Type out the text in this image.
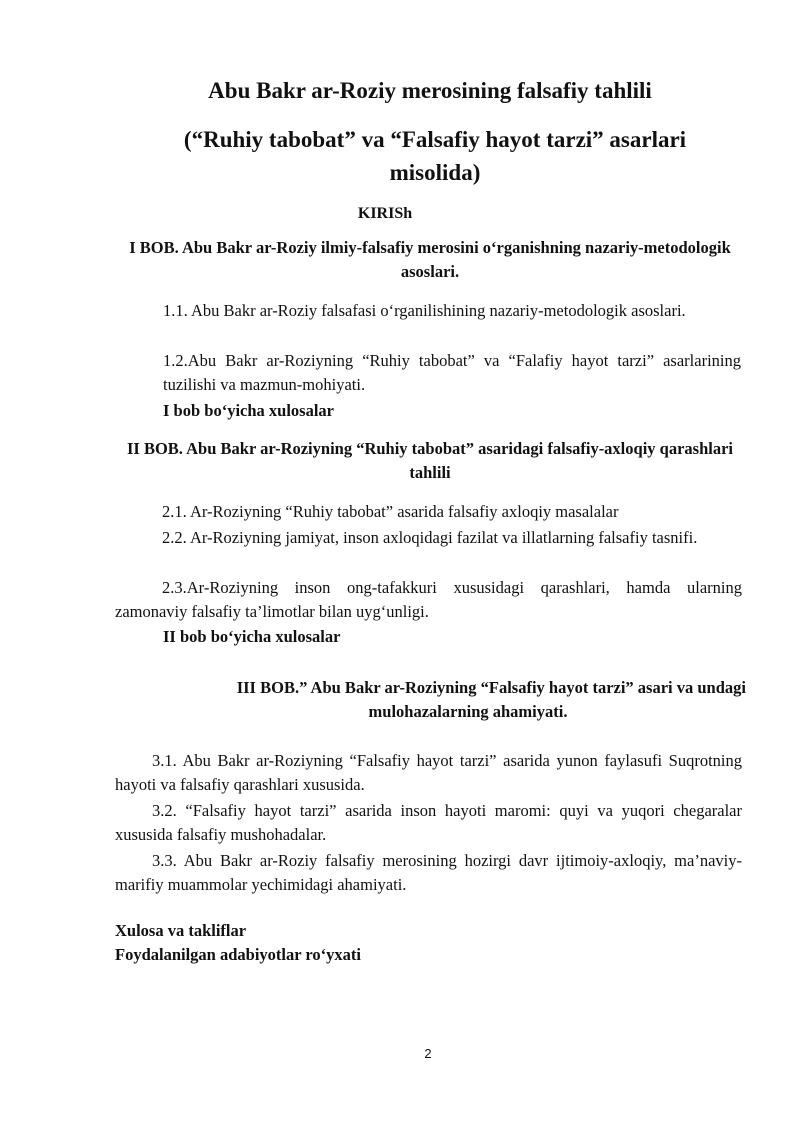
Abu Bakr ar-Roziy merosining falsafiy tahlili
(“Ruhiy tabobat” va “Falsafiy hayot tarzi” asarlari misolida)
KIRISh
I BOB. Abu Bakr ar-Roziy ilmiy-falsafiy merosini o‘rganishning nazariy-metodologik asoslari.
1.1. Abu Bakr ar-Roziy falsafasi o‘rganilishining nazariy-metodologik asoslari.
1.2.Abu Bakr ar-Roziyning “Ruhiy tabobat” va “Falafiy hayot tarzi” asarlarining tuzilishi va mazmun-mohiyati.
I bob bo‘yicha xulosalar
II BOB. Abu Bakr ar-Roziyning “Ruhiy tabobat” asaridagi falsafiy-axloqiy qarashlari tahlili
2.1. Ar-Roziyning “Ruhiy tabobat” asarida falsafiy axloqiy masalalar
2.2. Ar-Roziyning jamiyat, inson axloqidagi fazilat va illatlarning falsafiy tasnifi.
2.3.Ar-Roziyning inson ong-tafakkuri xususidagi qarashlari, hamda ularning zamonaviy falsafiy ta’limotlar bilan uyg‘unligi.
II bob bo‘yicha xulosalar
III BOB.” Abu Bakr ar-Roziyning “Falsafiy hayot tarzi” asari va undagi
mulohazalarning ahamiyati.
3.1. Abu Bakr ar-Roziyning “Falsafiy hayot tarzi” asarida yunon faylasufi Suqrotning hayoti va falsafiy qarashlari xususida.
3.2. “Falsafiy hayot tarzi” asarida inson hayoti maromi: quyi va yuqori chegaralar xususida falsafiy mushohadalar.
3.3. Abu Bakr ar-Roziy falsafiy merosining hozirgi davr ijtimoiy-axloqiy, ma’naviy-marifiy muammolar yechimidagi ahamiyati.
Xulosa va takliflar
Foydalanilgan adabiyotlar ro‘yxati
2
